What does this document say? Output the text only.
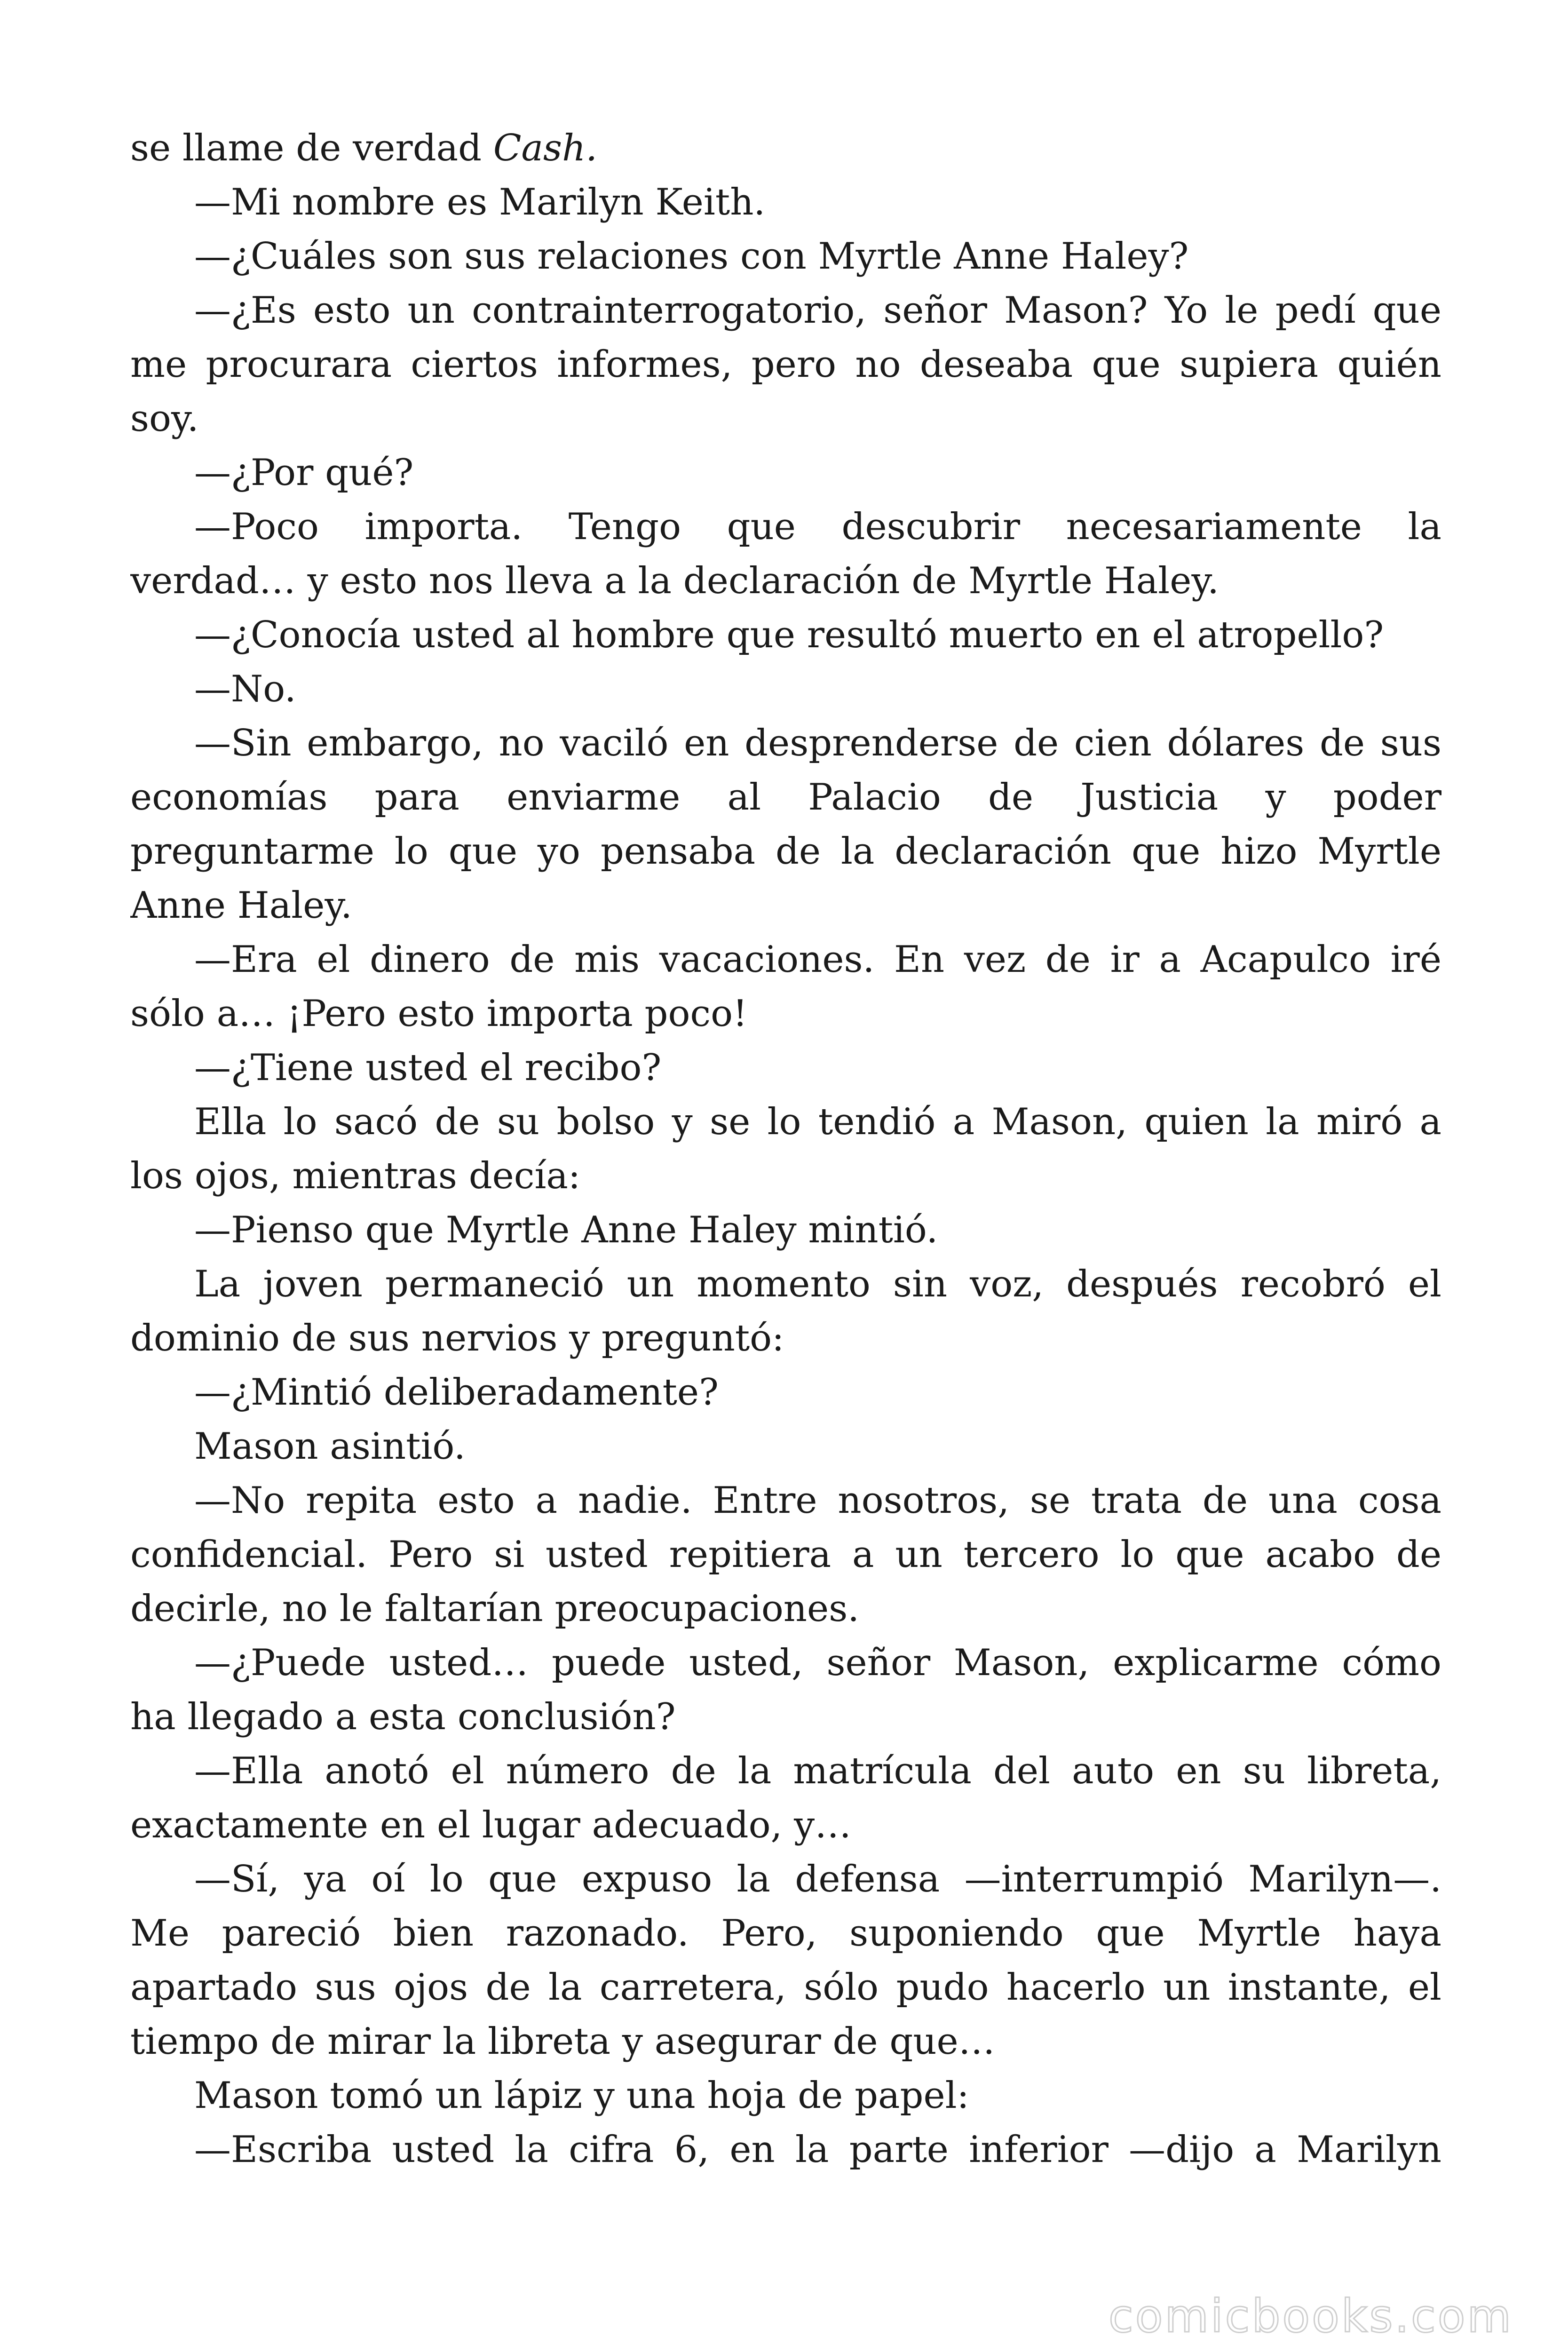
se llame de verdad Cash.
—Mi nombre es Marilyn Keith.
—¿Cuáles son sus relaciones con Myrtle Anne Haley?
—¿Es esto un contrainterrogatorio, señor Mason? Yo le pedí que
me procurara ciertos informes, pero no deseaba que supiera quién
soy.
—¿Por qué?
—Poco importa. Tengo que descubrir necesariamente la
verdad… y esto nos lleva a la declaración de Myrtle Haley.
—¿Conocía usted al hombre que resultó muerto en el atropello?
—No.
—Sin embargo, no vaciló en desprenderse de cien dólares de sus
economías para enviarme al Palacio de Justicia y poder
preguntarme lo que yo pensaba de la declaración que hizo Myrtle
Anne Haley.
—Era el dinero de mis vacaciones. En vez de ir a Acapulco iré
sólo a… ¡Pero esto importa poco!
—¿Tiene usted el recibo?
Ella lo sacó de su bolso y se lo tendió a Mason, quien la miró a
los ojos, mientras decía:
—Pienso que Myrtle Anne Haley mintió.
La joven permaneció un momento sin voz, después recobró el
dominio de sus nervios y preguntó:
—¿Mintió deliberadamente?
Mason asintió.
—No repita esto a nadie. Entre nosotros, se trata de una cosa
confidencial. Pero si usted repitiera a un tercero lo que acabo de
decirle, no le faltarían preocupaciones.
—¿Puede usted… puede usted, señor Mason, explicarme cómo
ha llegado a esta conclusión?
—Ella anotó el número de la matrícula del auto en su libreta,
exactamente en el lugar adecuado, y…
—Sí, ya oí lo que expuso la defensa —interrumpió Marilyn—.
Me pareció bien razonado. Pero, suponiendo que Myrtle haya
apartado sus ojos de la carretera, sólo pudo hacerlo un instante, el
tiempo de mirar la libreta y asegurar de que…
Mason tomó un lápiz y una hoja de papel:
—Escriba usted la cifra 6, en la parte inferior —dijo a Marilyn
comicbooks.com
